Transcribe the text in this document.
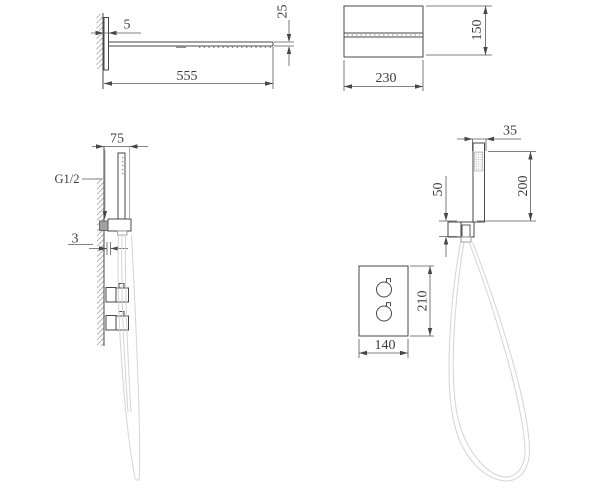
5
555
25
230
150
75
G1/2
3
35
50	200
210
140
